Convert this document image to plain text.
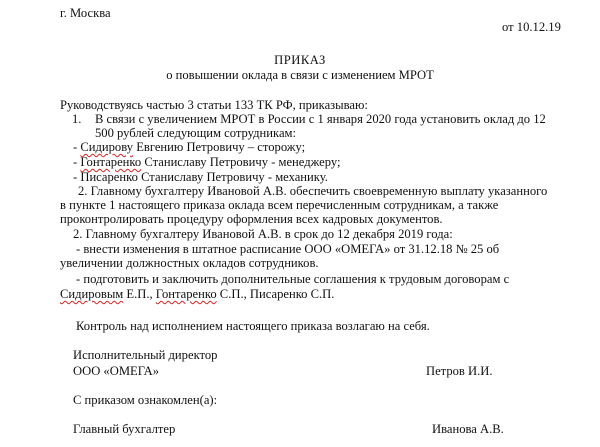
г. Москва
от 10.12.19
ПРИКАЗ
о повышении оклада в связи с изменением МРОТ
Руководствуясь частью 3 статьи 133 ТК РФ, приказываю:
1. В связи с увеличением МРОТ в России с 1 января 2020 года установить оклад до 12
500 рублей следующим сотрудникам:
- Сидирову Евгению Петровичу – сторожу;
- Гонтаренко Станиславу Петровичу - менеджеру;
- Писаренко Станиславу Петровичу - механику.
2. Главному бухгалтеру Ивановой А.В. обеспечить своевременную выплату указанного
в пункте 1 настоящего приказа оклада всем перечисленным сотрудникам, а также
проконтролировать процедуру оформления всех кадровых документов.
2. Главному бухгалтеру Ивановой А.В. в срок до 12 декабря 2019 года:
- внести изменения в штатное расписание ООО «ОМЕГА» от 31.12.18 № 25 об
увеличении должностных окладов сотрудников.
- подготовить и заключить дополнительные соглашения к трудовым договорам с
Сидировым Е.П., Гонтаренко С.П., Писаренко С.П.
Контроль над исполнением настоящего приказа возлагаю на себя.
Исполнительный директор
ООО «ОМЕГА»	Петров И.И.
С приказом ознакомлен(а):
Главный бухгалтер	Иванова А.В.
